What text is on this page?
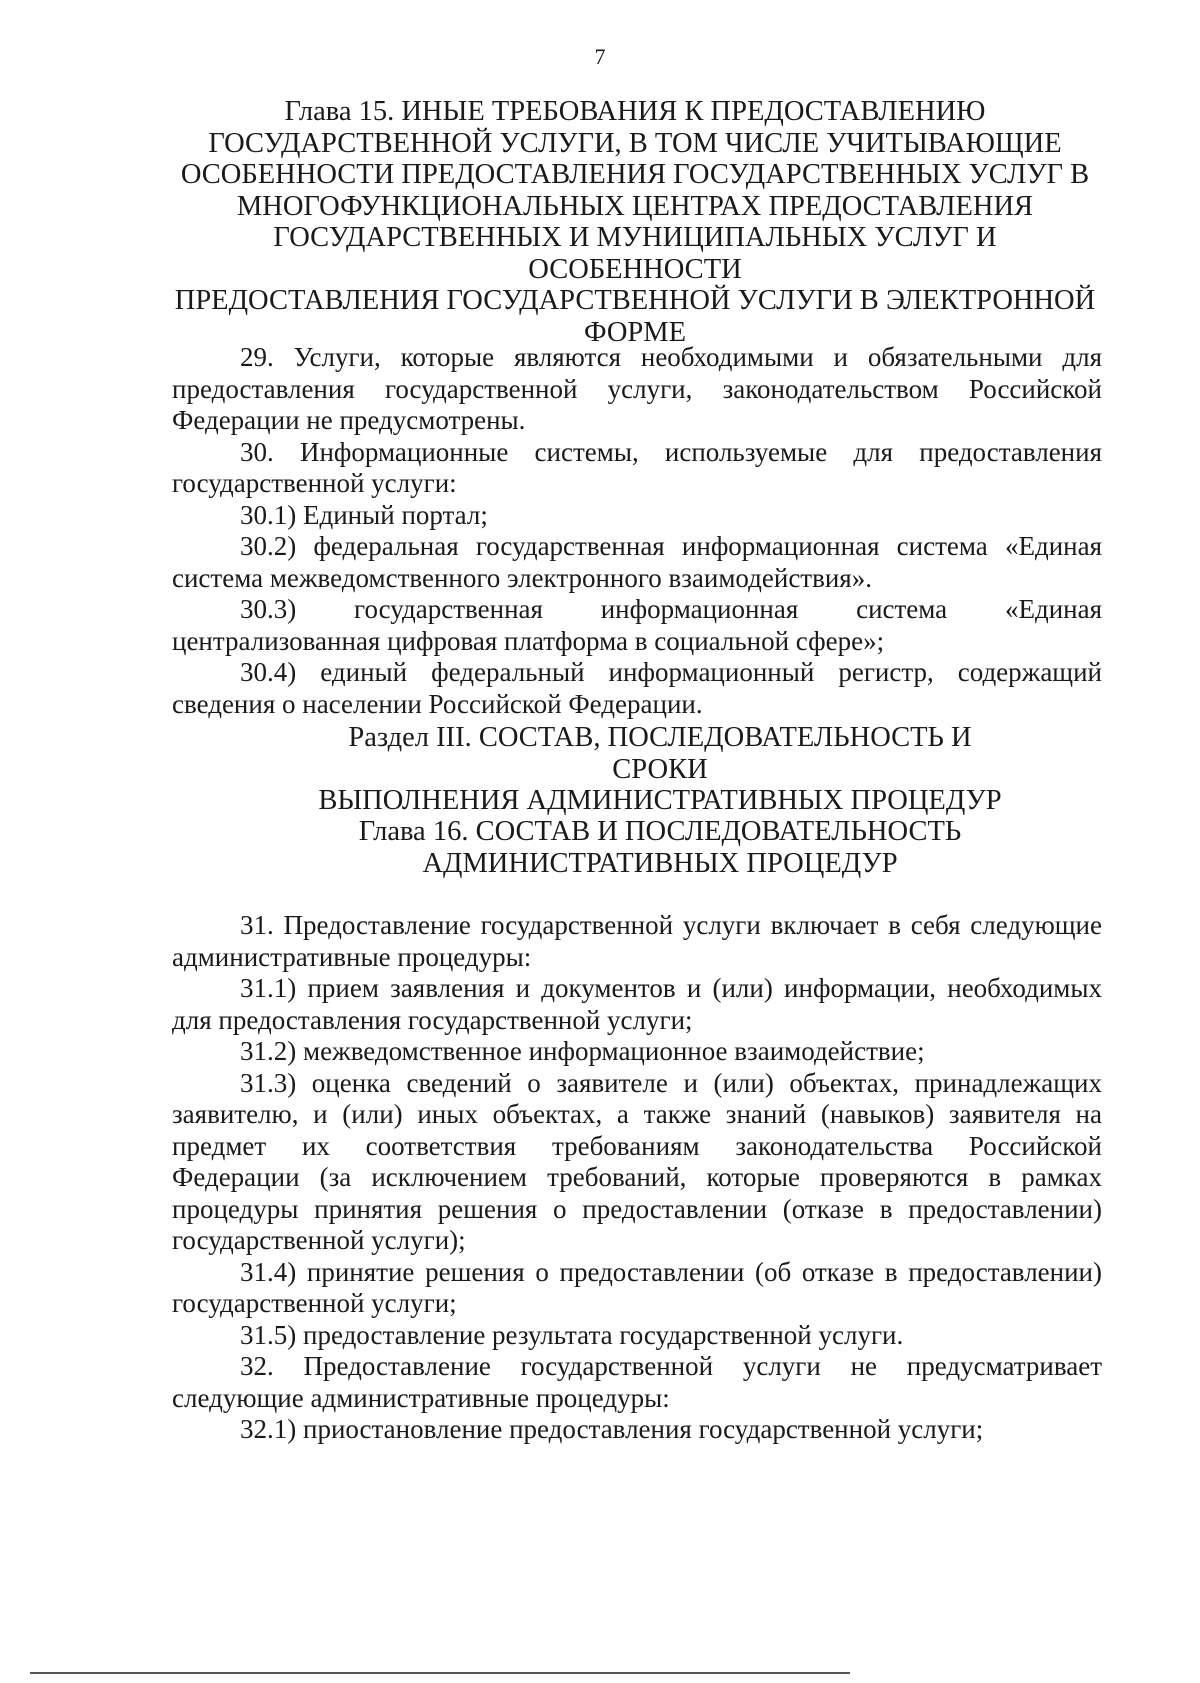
7
Глава 15. ИНЫЕ ТРЕБОВАНИЯ К ПРЕДОСТАВЛЕНИЮ
ГОСУДАРСТВЕННОЙ УСЛУГИ, В ТОМ ЧИСЛЕ УЧИТЫВАЮЩИЕ
ОСОБЕННОСТИ ПРЕДОСТАВЛЕНИЯ ГОСУДАРСТВЕННЫХ УСЛУГ В
МНОГОФУНКЦИОНАЛЬНЫХ ЦЕНТРАХ ПРЕДОСТАВЛЕНИЯ
ГОСУДАРСТВЕННЫХ И МУНИЦИПАЛЬНЫХ УСЛУГ И ОСОБЕННОСТИ
ПРЕДОСТАВЛЕНИЯ ГОСУДАРСТВЕННОЙ УСЛУГИ В ЭЛЕКТРОННОЙ
ФОРМЕ
29. Услуги, которые являются необходимыми и обязательными для
предоставления государственной услуги, законодательством Российской
Федерации не предусмотрены.
30. Информационные системы, используемые для предоставления
государственной услуги:
30.1) Единый портал;
30.2) федеральная государственная информационная система «Единая
система межведомственного электронного взаимодействия».
30.3) государственная информационная система «Единая
централизованная цифровая платформа в социальной сфере»;
30.4) единый федеральный информационный регистр, содержащий
сведения о населении Российской Федерации.
Раздел III. СОСТАВ, ПОСЛЕДОВАТЕЛЬНОСТЬ И СРОКИ
ВЫПОЛНЕНИЯ АДМИНИСТРАТИВНЫХ ПРОЦЕДУР
Глава 16. СОСТАВ И ПОСЛЕДОВАТЕЛЬНОСТЬ
АДМИНИСТРАТИВНЫХ ПРОЦЕДУР
31. Предоставление государственной услуги включает в себя следующие
административные процедуры:
31.1) прием заявления и документов и (или) информации, необходимых
для предоставления государственной услуги;
31.2) межведомственное информационное взаимодействие;
31.3) оценка сведений о заявителе и (или) объектах, принадлежащих
заявителю, и (или) иных объектах, а также знаний (навыков) заявителя на
предмет их соответствия требованиям законодательства Российской
Федерации (за исключением требований, которые проверяются в рамках
процедуры принятия решения о предоставлении (отказе в предоставлении)
государственной услуги);
31.4) принятие решения о предоставлении (об отказе в предоставлении)
государственной услуги;
31.5) предоставление результата государственной услуги.
32. Предоставление государственной услуги не предусматривает
следующие административные процедуры:
32.1) приостановление предоставления государственной услуги;
